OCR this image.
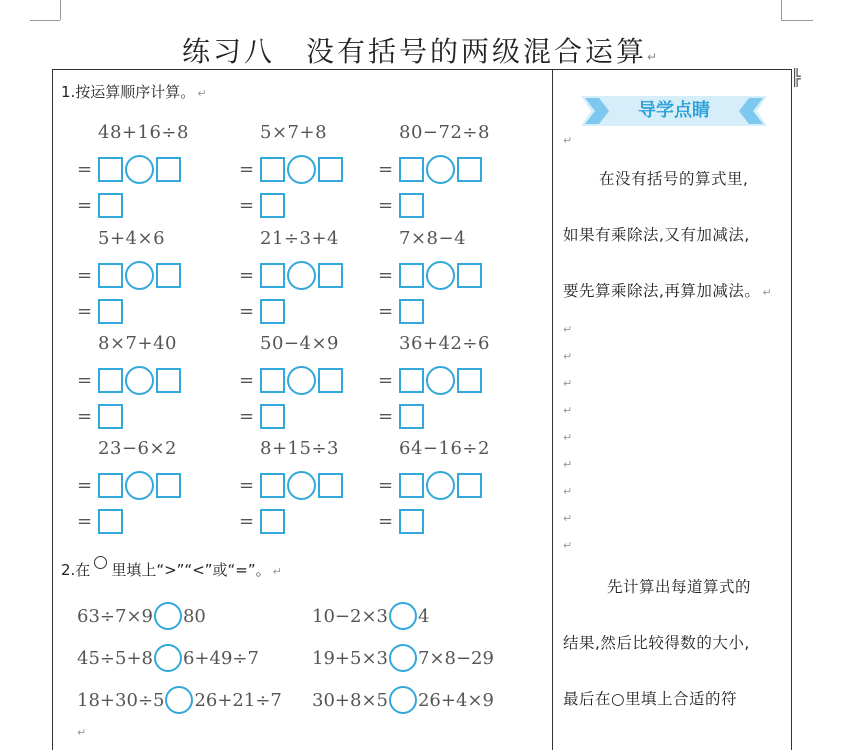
练习八　没有括号的两级混合运算↵
╠
1.按运算顺序计算。 ↵
48+16÷8
=
=
5×7+8
=
=
80−72÷8
=
=
5+4×6
=
=
21÷3+4
=
=
7×8−4
=
=
8×7+40
=
=
50−4×9
=
=
36+42÷6
=
=
23−6×2
=
=
8+15÷3
=
=
64−16÷2
=
=
2.在 里填上“>”“<”或“=”。 ↵
63÷7×9 80	10−2×3 4
45÷5+8 6+49÷7	19+5×3 7×8−29
18+30÷5 26+21÷7 30+8×5 26+4×9
↵
导学点睛
↵
在没有括号的算式里,
如果有乘除法,又有加减法,
要先算乘除法,再算加减法。 ↵
↵
↵
↵
↵
↵
↵
↵
↵
↵
先计算出每道算式的
结果,然后比较得数的大小,
最后在○里填上合适的符
